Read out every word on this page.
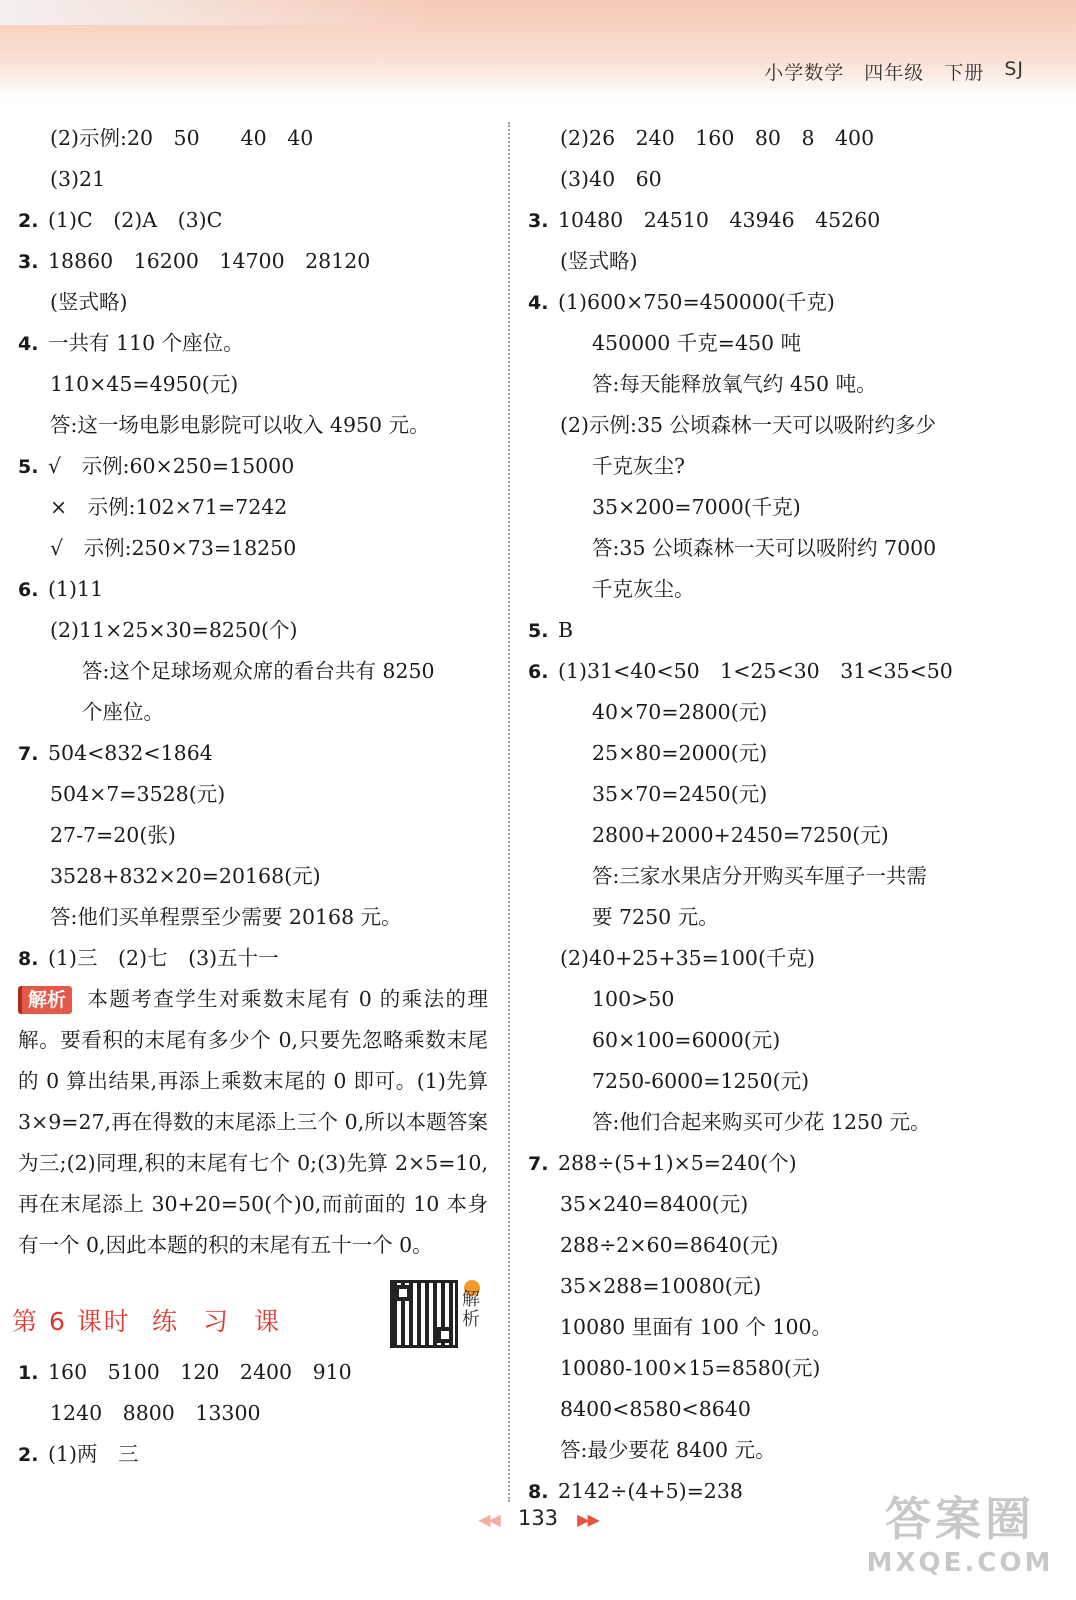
小学数学 四年级 下册 SJ
(2)示例:20　50　　40　40
(3)21
2. (1)C　(2)A　(3)C
3. 18860　16200　14700　28120
(竖式略)
4. 一共有 110 个座位。
110×45=4950(元)
答:这一场电影电影院可以收入 4950 元。
5. √　示例:60×250=15000
×　示例:102×71=7242
√　示例:250×73=18250
6. (1)11
(2)11×25×30=8250(个)
答:这个足球场观众席的看台共有 8250
个座位。
7. 504<832<1864
504×7=3528(元)
27-7=20(张)
3528+832×20=20168(元)
答:他们买单程票至少需要 20168 元。
8. (1)三　(2)七　(3)五十一
解析 本题考查学生对乘数末尾有 0 的乘法的理解。要看积的末尾有多少个 0,只要先忽略乘数末尾的 0 算出结果,再添上乘数末尾的 0 即可。(1)先算 3×9=27,再在得数的末尾添上三个 0,所以本题答案为三;(2)同理,积的末尾有七个 0;(3)先算 2×5=10,再在末尾添上 30+20=50(个)0,而前面的 10 本身有一个 0,因此本题的积的末尾有五十一个 0。
第 6 课时 练习课
解析
1. 160　5100　120　2400　910
1240　8800　13300
2. (1)两　三
(2)26　240　160　80　8　400
(3)40　60
3. 10480　24510　43946　45260
(竖式略)
4. (1)600×750=450000(千克)
450000 千克=450 吨
答:每天能释放氧气约 450 吨。
(2)示例:35 公顷森林一天可以吸附约多少
千克灰尘?
35×200=7000(千克)
答:35 公顷森林一天可以吸附约 7000
千克灰尘。
5. B
6. (1)31<40<50　1<25<30　31<35<50
40×70=2800(元)
25×80=2000(元)
35×70=2450(元)
2800+2000+2450=7250(元)
答:三家水果店分开购买车厘子一共需
要 7250 元。
(2)40+25+35=100(千克)
100>50
60×100=6000(元)
7250-6000=1250(元)
答:他们合起来购买可少花 1250 元。
7. 288÷(5+1)×5=240(个)
35×240=8400(元)
288÷2×60=8640(元)
35×288=10080(元)
10080 里面有 100 个 100。
10080-100×15=8580(元)
8400<8580<8640
答:最少要花 8400 元。
8. 2142÷(4+5)=238
◀◀ 133 ▶▶	答案圈
MXQE.COM
